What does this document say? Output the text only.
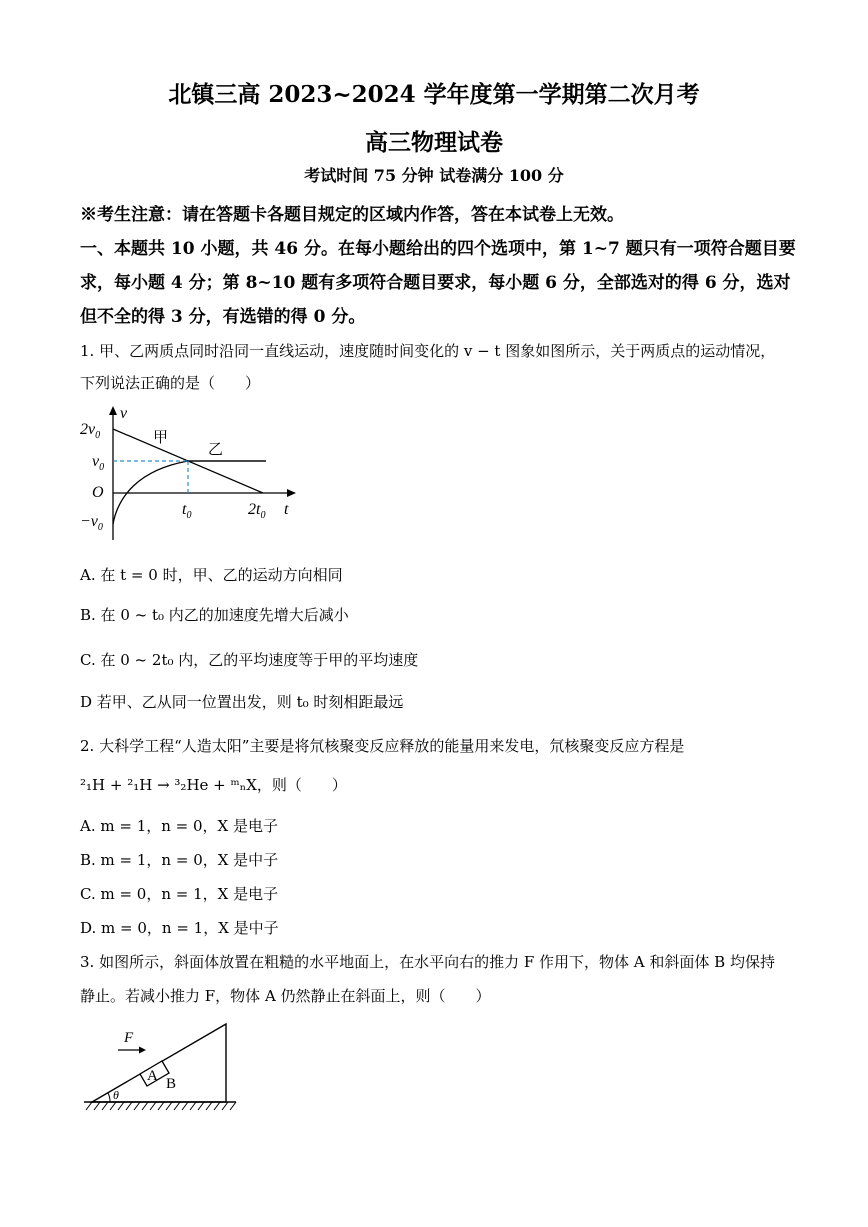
北镇三高 2023~2024 学年度第一学期第二次月考
高三物理试卷
考试时间 75 分钟 试卷满分 100 分
※考生注意：请在答题卡各题目规定的区域内作答，答在本试卷上无效。
一、本题共 10 小题，共 46 分。在每小题给出的四个选项中，第 1~7 题只有一项符合题目要
求，每小题 4 分；第 8~10 题有多项符合题目要求，每小题 6 分，全部选对的得 6 分，选对
但不全的得 3 分，有选错的得 0 分。
1. 甲、乙两质点同时沿同一直线运动，速度随时间变化的 v − t 图象如图所示，关于两质点的运动情况，
下列说法正确的是（　　）
v
$2v_0$
$v_0$
O
$-v_0$
$t_0$	$2t_0$ t
甲
乙
A. 在 t = 0 时，甲、乙的运动方向相同
B. 在 0 ~ t₀ 内乙的加速度先增大后减小
C. 在 0 ~ 2t₀ 内，乙的平均速度等于甲的平均速度
D 若甲、乙从同一位置出发，则 t₀ 时刻相距最远
2. 大科学工程“人造太阳”主要是将氘核聚变反应释放的能量用来发电，氘核聚变反应方程是
²₁H + ²₁H → ³₂He + ᵐₙX，则（　　）
A. m = 1，n = 0，X 是电子
B. m = 1，n = 0，X 是中子
C. m = 0，n = 1，X 是电子
D. m = 0，n = 1，X 是中子
3. 如图所示，斜面体放置在粗糙的水平地面上，在水平向右的推力 F 作用下，物体 A 和斜面体 B 均保持
静止。若减小推力 F，物体 A 仍然静止在斜面上，则（　　）
A B
F
θ
